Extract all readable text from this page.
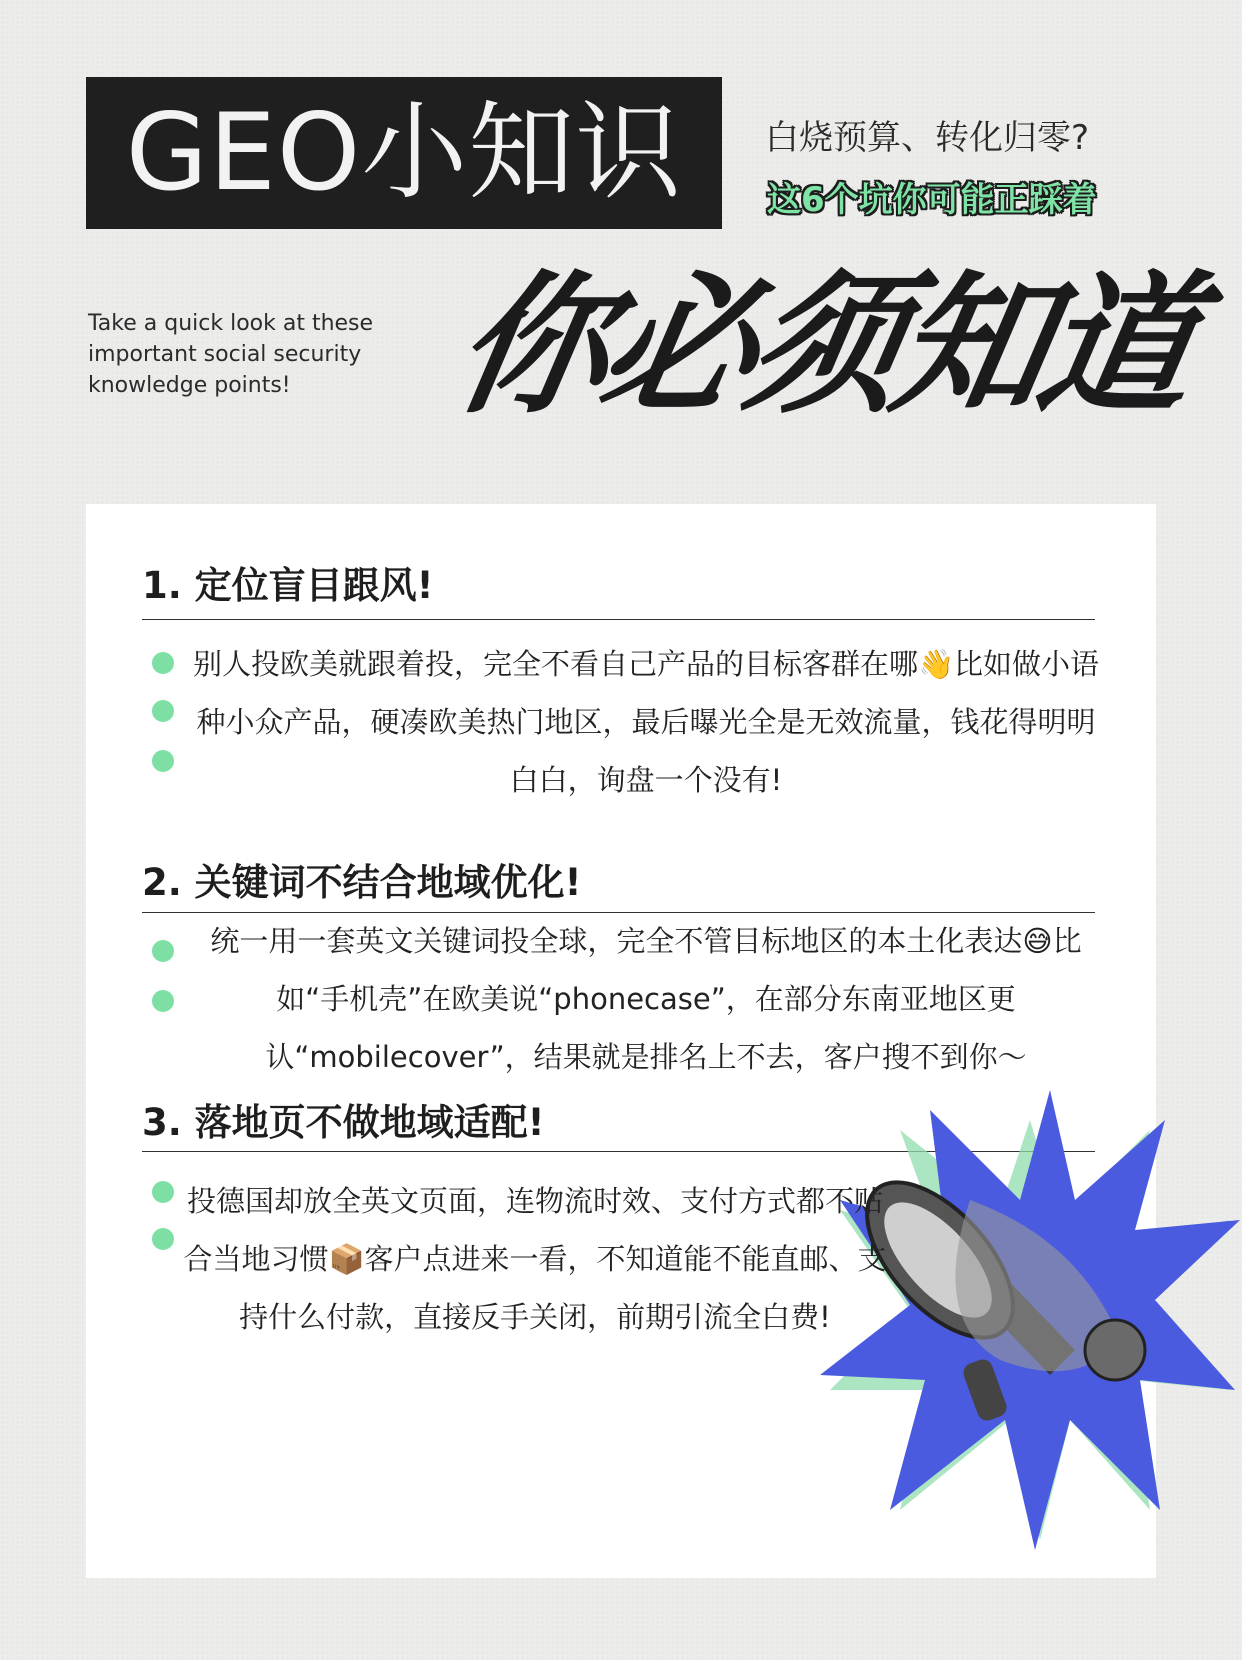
GEO小知识	白烧预算、转化归零?
这6个坑你可能正踩着
Take a quick look at these important social security knowledge points! 你必须知道
1. 定位盲目跟风!
别人投欧美就跟着投，完全不看自己产品的目标客群在哪👋比如做小语种小众产品，硬凑欧美热门地区，最后曝光全是无效流量，钱花得明明白白，询盘一个没有!
2. 关键词不结合地域优化!
统一用一套英文关键词投全球，完全不管目标地区的本土化表达😅比如“手机壳”在欧美说“phonecase”，在部分东南亚地区更认“mobilecover”，结果就是排名上不去，客户搜不到你～
3. 落地页不做地域适配!
投德国却放全英文页面，连物流时效、支付方式都不贴合当地习惯📦客户点进来一看，不知道能不能直邮、支持什么付款，直接反手关闭，前期引流全白费!
